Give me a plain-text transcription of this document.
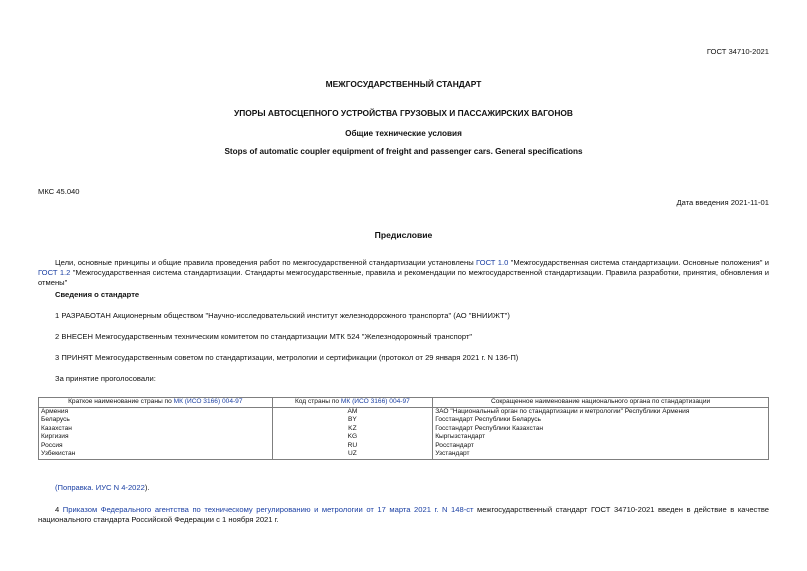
ГОСТ 34710-2021
МЕЖГОСУДАРСТВЕННЫЙ СТАНДАРТ
УПОРЫ АВТОСЦЕПНОГО УСТРОЙСТВА ГРУЗОВЫХ И ПАССАЖИРСКИХ ВАГОНОВ
Общие технические условия
Stops of automatic coupler equipment of freight and passenger cars. General specifications
МКС 45.040
Дата введения 2021-11-01
Предисловие
Цели, основные принципы и общие правила проведения работ по межгосударственной стандартизации установлены ГОСТ 1.0 "Межгосударственная система стандартизации. Основные положения" и ГОСТ 1.2 "Межгосударственная система стандартизации. Стандарты межгосударственные, правила и рекомендации по межгосударственной стандартизации. Правила разработки, принятия, обновления и отмены"
Сведения о стандарте
1 РАЗРАБОТАН Акционерным обществом "Научно-исследовательский институт железнодорожного транспорта" (АО "ВНИИЖТ")
2 ВНЕСЕН Межгосударственным техническим комитетом по стандартизации МТК 524 "Железнодорожный транспорт"
3 ПРИНЯТ Межгосударственным советом по стандартизации, метрологии и сертификации (протокол от 29 января 2021 г. N 136-П)
За принятие проголосовали:
Краткое наименование страны по МК (ИСО 3166) 004-97	Код страны по МК (ИСО 3166) 004-97	Сокращенное наименование национального органа по стандартизации
Армения	AM	ЗАО "Национальный орган по стандартизации и метрологии" Республики Армения
Беларусь	BY	Госстандарт Республики Беларусь
Казахстан	KZ	Госстандарт Республики Казахстан
Киргизия	KG	Кыргызстандарт
Россия	RU	Росстандарт
Узбекистан	UZ	Узстандарт
(Поправка. ИУС N 4-2022).
4 Приказом Федерального агентства по техническому регулированию и метрологии от 17 марта 2021 г. N 148-ст межгосударственный стандарт ГОСТ 34710-2021 введен в действие в качестве национального стандарта Российской Федерации с 1 ноября 2021 г.
